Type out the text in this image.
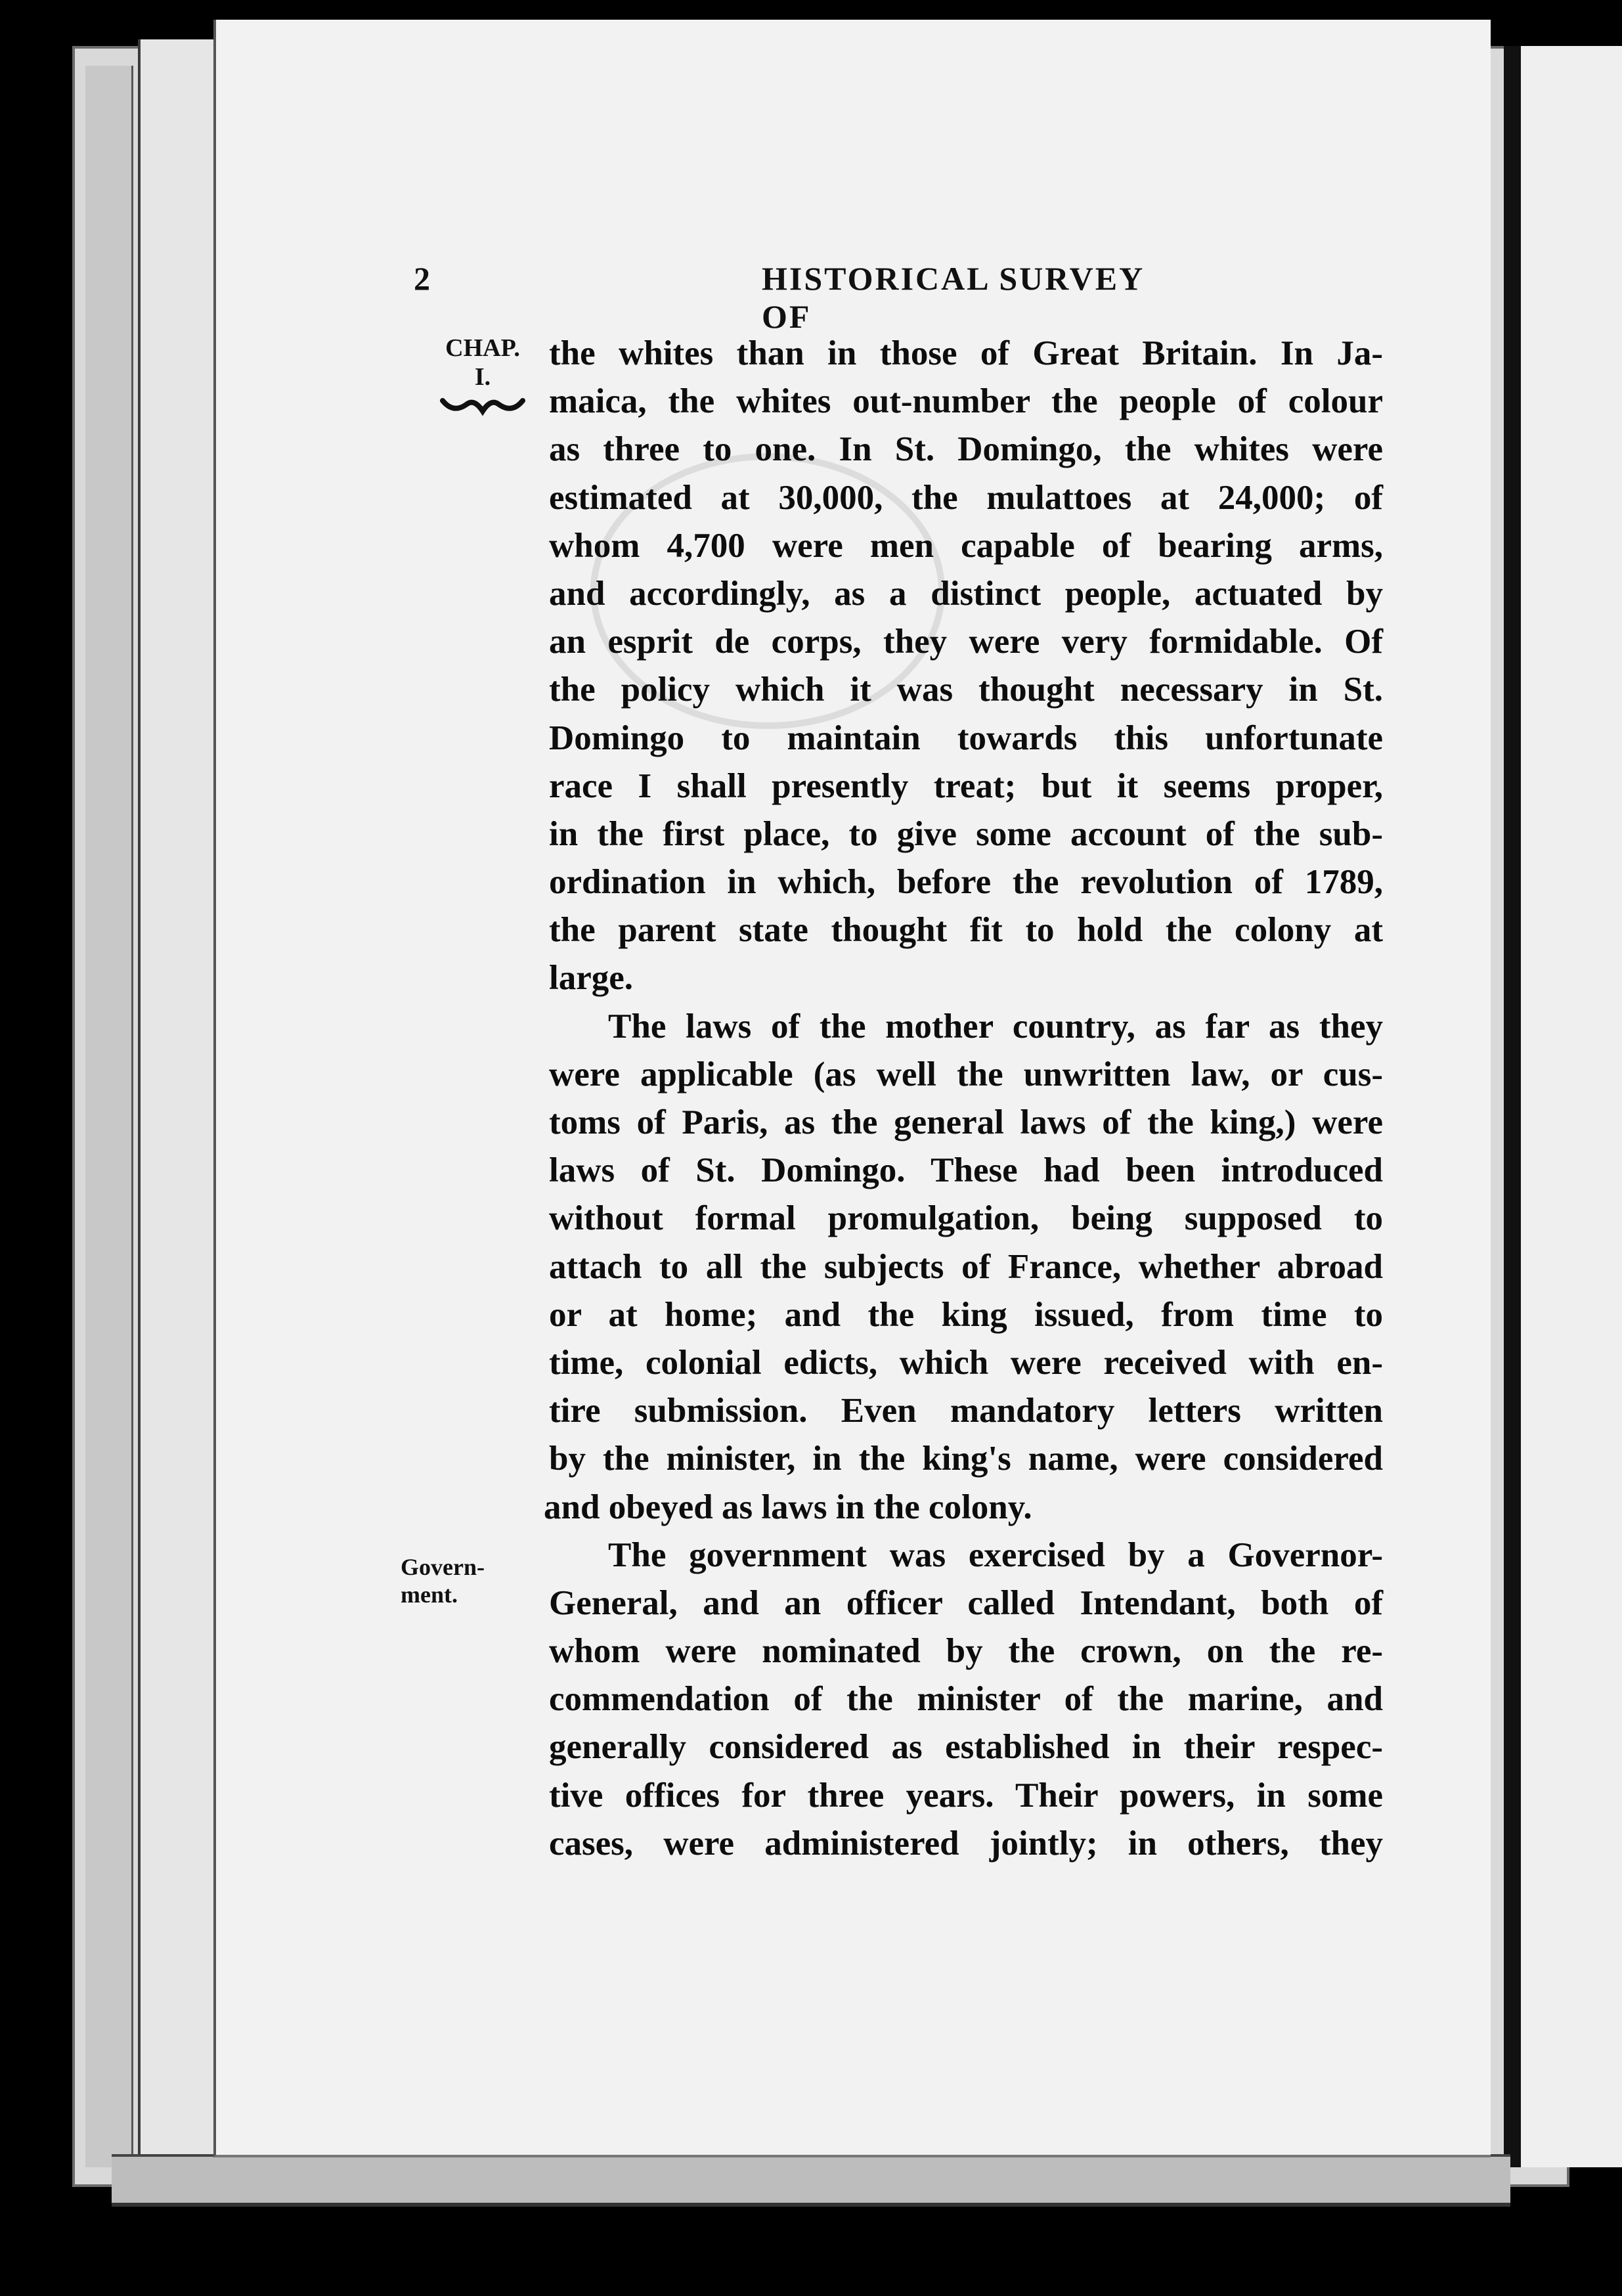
2	HISTORICAL SURVEY OF
CHAP.
I.
Govern-
ment.
the whites than in those of Great Britain. In Ja-
maica, the whites out-number the people of colour
as three to one. In St. Domingo, the whites were
estimated at 30,000, the mulattoes at 24,000; of
whom 4,700 were men capable of bearing arms,
and accordingly, as a distinct people, actuated by
an esprit de corps, they were very formidable. Of
the policy which it was thought necessary in St.
Domingo to maintain towards this unfortunate
race I shall presently treat; but it seems proper,
in the first place, to give some account of the sub-
ordination in which, before the revolution of 1789,
the parent state thought fit to hold the colony at
large.
The laws of the mother country, as far as they
were applicable (as well the unwritten law, or cus-
toms of Paris, as the general laws of the king,) were
laws of St. Domingo. These had been introduced
without formal promulgation, being supposed to
attach to all the subjects of France, whether abroad
or at home; and the king issued, from time to
time, colonial edicts, which were received with en-
tire submission. Even mandatory letters written
by the minister, in the king's name, were considered
and obeyed as laws in the colony.
The government was exercised by a Governor-
General, and an officer called Intendant, both of
whom were nominated by the crown, on the re-
commendation of the minister of the marine, and
generally considered as established in their respec-
tive offices for three years. Their powers, in some
cases, were administered jointly; in others, they
